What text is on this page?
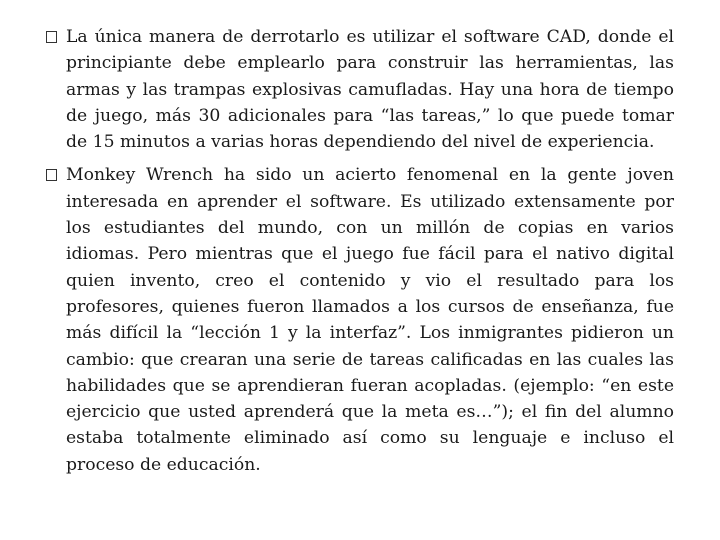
La única manera de derrotarlo es utilizar el software CAD, donde el principiante debe emplearlo para construir las herramientas, las armas y las trampas explosivas camufladas. Hay una hora de tiempo de juego, más 30 adicionales para “las tareas,” lo que puede tomar de 15 minutos a varias horas dependiendo del nivel de experiencia.
Monkey Wrench ha sido un acierto fenomenal en la gente joven interesada en aprender el software. Es utilizado extensamente por los estudiantes del mundo, con un millón de copias en varios idiomas. Pero mientras que el juego fue fácil para el nativo digital quien invento, creo el contenido y vio el resultado para los profesores, quienes fueron llamados a los cursos de enseñanza, fue más difícil la “lección 1 y la interfaz”. Los inmigrantes pidieron un cambio: que crearan una serie de tareas calificadas en las cuales las habilidades que se aprendieran fueran acopladas. (ejemplo: “en este ejercicio que usted aprenderá que la meta es…”); el fin del alumno estaba totalmente eliminado así como su lenguaje e incluso el proceso de educación.
